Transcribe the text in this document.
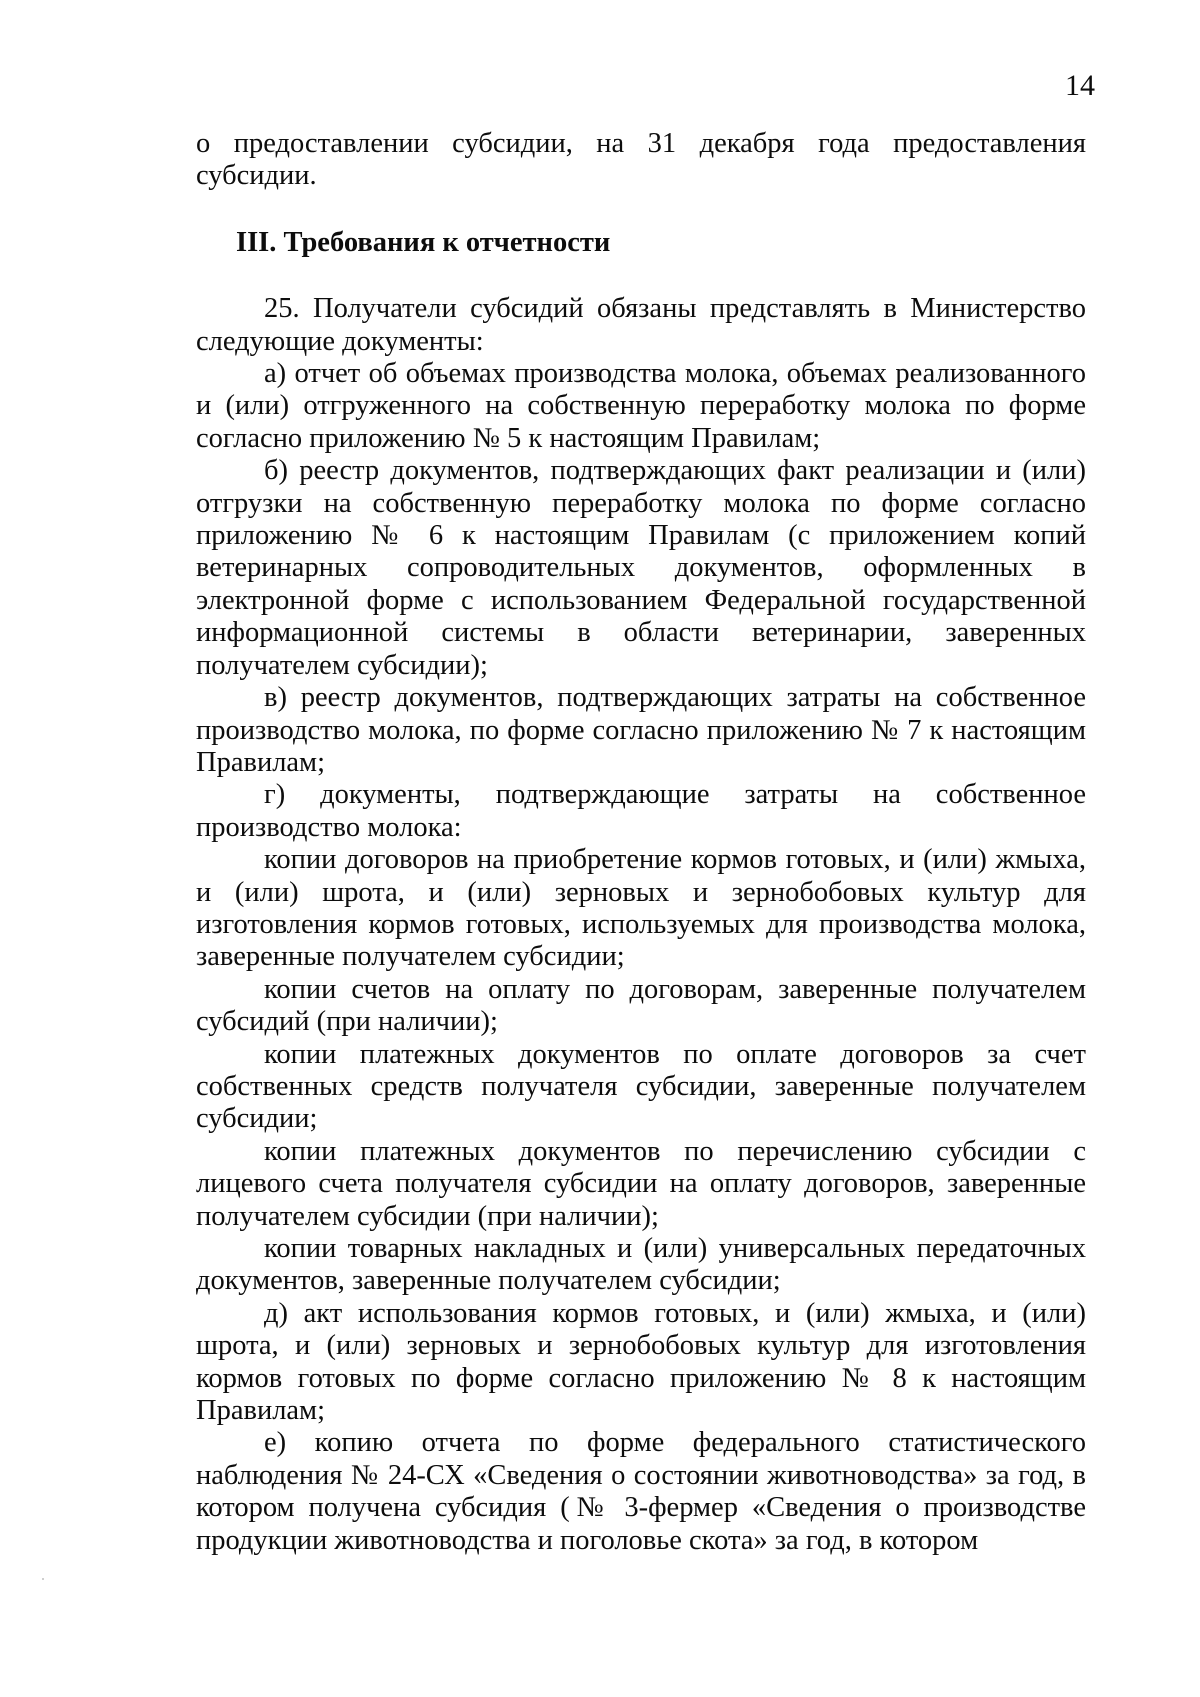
14

о предоставлении субсидии, на 31 декабря года предоставления субсидии.

III. Требования к отчетности

25. Получатели субсидий обязаны представлять в Министерство следующие документы:

а) отчет об объемах производства молока, объемах реализованного и (или) отгруженного на собственную переработку молока по форме согласно приложению № 5 к настоящим Правилам;

б) реестр документов, подтверждающих факт реализации и (или) отгрузки на собственную переработку молока по форме согласно приложению № 6 к настоящим Правилам (с приложением копий ветеринарных сопроводительных документов, оформленных в электронной форме с использованием Федеральной государственной информационной системы в области ветеринарии, заверенных получателем субсидии);

в) реестр документов, подтверждающих затраты на собственное производство молока, по форме согласно приложению № 7 к настоящим Правилам;

г) документы, подтверждающие затраты на собственное производство молока:

копии договоров на приобретение кормов готовых, и (или) жмыха, и (или) шрота, и (или) зерновых и зернобобовых культур для изготовления кормов готовых, используемых для производства молока, заверенные получателем субсидии;

копии счетов на оплату по договорам, заверенные получателем субсидий (при наличии);

копии платежных документов по оплате договоров за счет собственных средств получателя субсидии, заверенные получателем субсидии;

копии платежных документов по перечислению субсидии с лицевого счета получателя субсидии на оплату договоров, заверенные получателем субсидии (при наличии);

копии товарных накладных и (или) универсальных передаточных документов, заверенные получателем субсидии;

д) акт использования кормов готовых, и (или) жмыха, и (или) шрота, и (или) зерновых и зернобобовых культур для изготовления кормов готовых по форме согласно приложению № 8 к настоящим Правилам;

е) копию отчета по форме федерального статистического наблюдения № 24-СХ «Сведения о состоянии животноводства» за год, в котором получена субсидия (№ 3-фермер «Сведения о производстве продукции животноводства и поголовье скота» за год, в котором
